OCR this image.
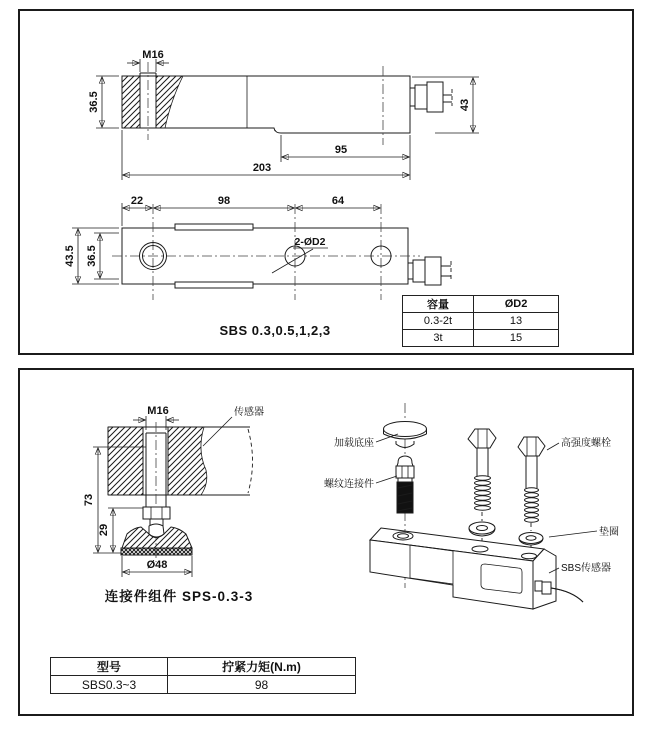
M16
36.5	43
95
203
22	98	64
43.5 36.5
2-ØD2
SBS 0.3,0.5,1,2,3
容量	ØD2
0.3-2t	13
3t	15
M16	传感器
73
29
Ø48
加载底座
螺纹连接件
高强度螺栓
垫圈
SBS传感器
连接件组件 SPS-0.3-3
型号	拧紧力矩(N.m)
SBS0.3~3	98
